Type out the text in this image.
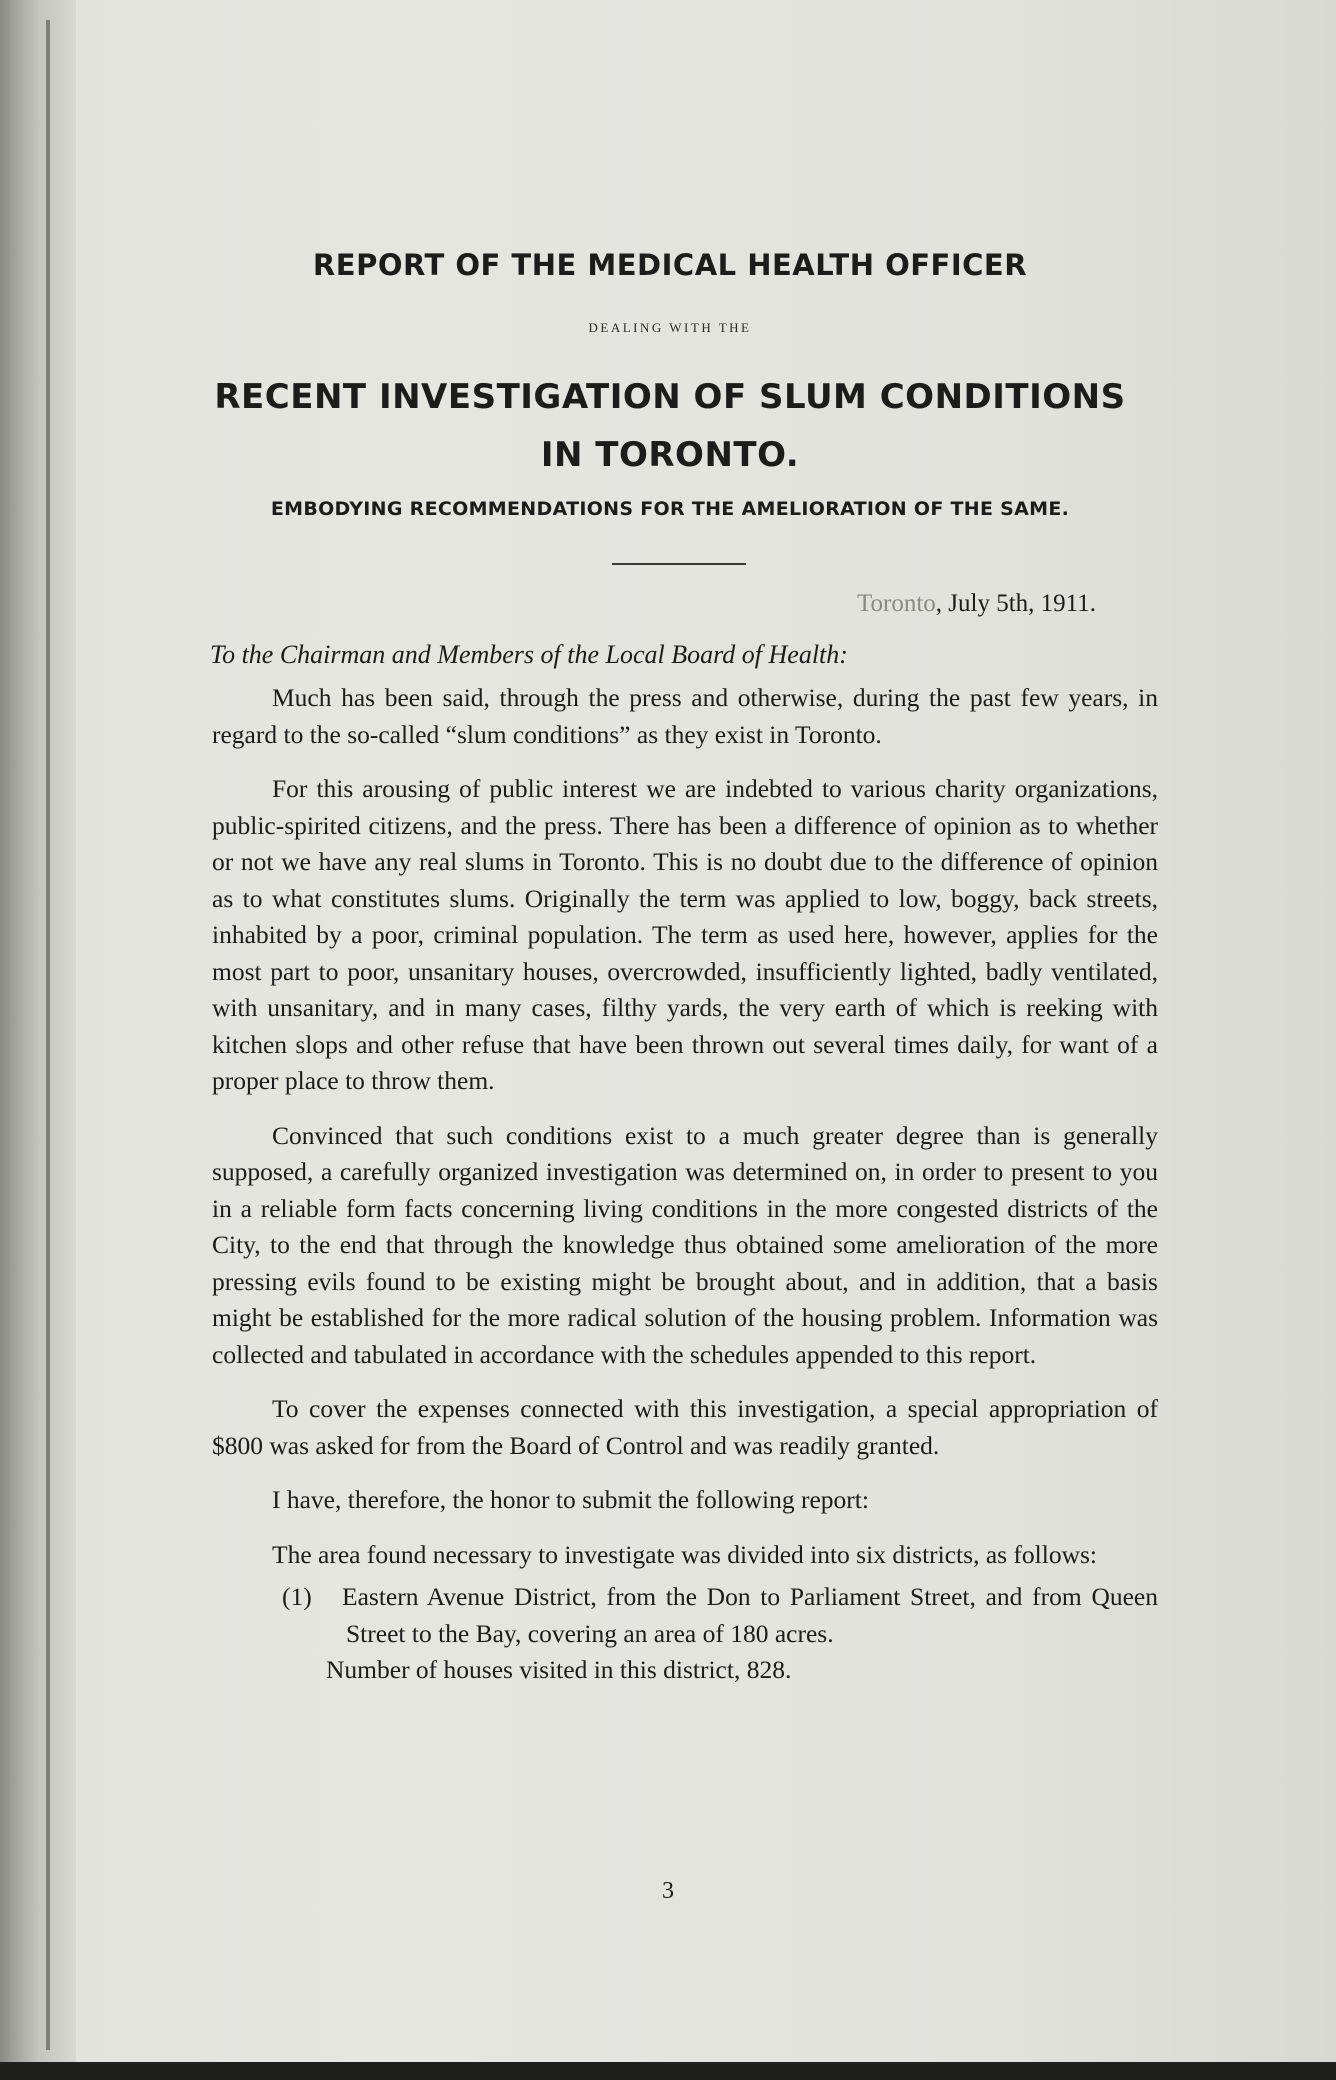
REPORT OF THE MEDICAL HEALTH OFFICER
DEALING WITH THE
RECENT INVESTIGATION OF SLUM CONDITIONS
IN TORONTO.
EMBODYING RECOMMENDATIONS FOR THE AMELIORATION OF THE SAME.
Toronto, July 5th, 1911.
To the Chairman and Members of the Local Board of Health:

Much has been said, through the press and otherwise, during the past few years, in regard to the so-called “slum conditions” as they exist in Toronto.

For this arousing of public interest we are indebted to various charity organizations, public-spirited citizens, and the press. There has been a difference of opinion as to whether or not we have any real slums in Toronto. This is no doubt due to the difference of opinion as to what constitutes slums. Originally the term was applied to low, boggy, back streets, inhabited by a poor, criminal population. The term as used here, however, applies for the most part to poor, unsanitary houses, overcrowded, insufficiently lighted, badly ventilated, with unsanitary, and in many cases, filthy yards, the very earth of which is reeking with kitchen slops and other refuse that have been thrown out several times daily, for want of a proper place to throw them.

Convinced that such conditions exist to a much greater degree than is generally supposed, a carefully organized investigation was determined on, in order to present to you in a reliable form facts concerning living conditions in the more congested districts of the City, to the end that through the knowledge thus obtained some amelioration of the more pressing evils found to be existing might be brought about, and in addition, that a basis might be established for the more radical solution of the housing problem. Information was collected and tabulated in accordance with the schedules appended to this report.

To cover the expenses connected with this investigation, a special appropriation of $800 was asked for from the Board of Control and was readily granted.

I have, therefore, the honor to submit the following report:

The area found necessary to investigate was divided into six districts, as follows:

(1) Eastern Avenue District, from the Don to Parliament Street, and from Queen Street to the Bay, covering an area of 180 acres.
Number of houses visited in this district, 828.
3
